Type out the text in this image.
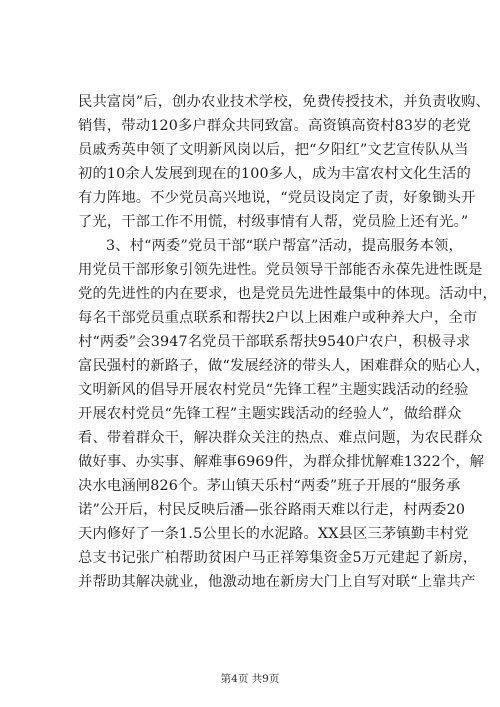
民共富岗”后，创办农业技术学校，免费传授技术，并负责收购、
销售，带动120多户群众共同致富。高资镇高资村83岁的老党
员戚秀英申领了文明新风岗以后，把“夕阳红”文艺宣传队从当
初的10余人发展到现在的100多人，成为丰富农村文化生活的
有力阵地。不少党员高兴地说，“党员设岗定了责，好象锄头开
了光，干部工作不用慌，村级事情有人帮，党员脸上还有光。”
3、村“两委”党员干部“联户帮富”活动，提高服务本领，
用党员干部形象引领先进性。党员领导干部能否永葆先进性既是
党的先进性的内在要求，也是党员先进性最集中的体现。活动中，
每名干部党员重点联系和帮扶2户以上困难户或种养大户，全市
村“两委”会3947名党员干部联系帮扶9540户农户，积极寻求
富民强村的新路子，做“发展经济的带头人，困难群众的贴心人，
文明新风的倡导开展农村党员“先锋工程”主题实践活动的经验
开展农村党员“先锋工程”主题实践活动的经验人”，做给群众
看、带着群众干，解决群众关注的热点、难点问题，为农民群众
做好事、办实事、解难事6969件，为群众排忧解难1322个，解
决水电涵闸826个。茅山镇天乐村“两委”班子开展的“服务承
诺”公开后，村民反映后潘—张谷路雨天难以行走，村两委20
天内修好了一条1.5公里长的水泥路。XX县区三茅镇勤丰村党
总支书记张广柏帮助贫困户马正祥筹集资金5万元建起了新房，
并帮助其解决就业，他激动地在新房大门上自写对联“上靠共产
第4页 共9页
